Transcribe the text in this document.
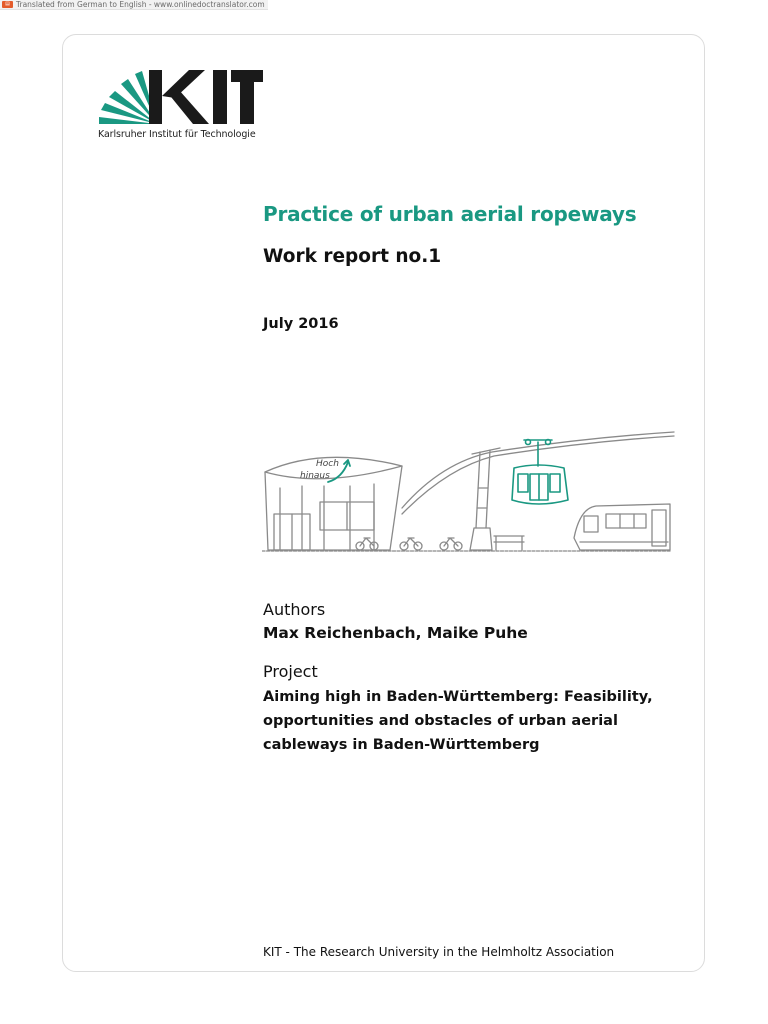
▤ Translated from German to English - www.onlinedoctranslator.com
Karlsruher Institut für Technologie
Practice of urban aerial ropeways
Work report no.1
July 2016
Hoch
hinaus
Authors
Max Reichenbach, Maike Puhe
Project
Aiming high in Baden-Württemberg: Feasibility, opportunities and obstacles of urban aerial cableways in Baden-Württemberg
KIT - The Research University in the Helmholtz Association
